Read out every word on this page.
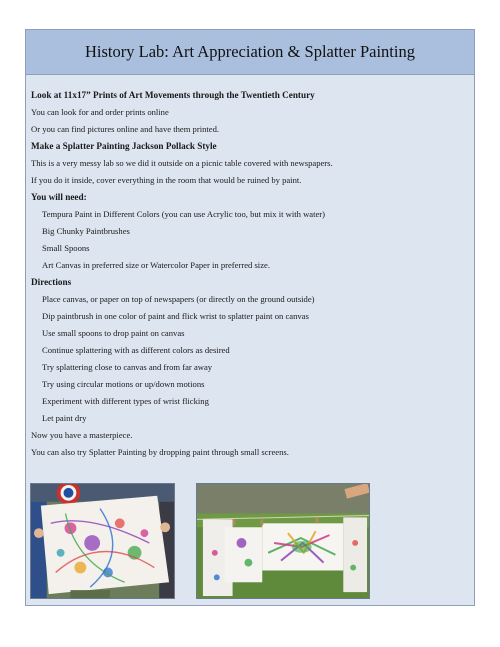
History Lab: Art Appreciation & Splatter Painting
Look at 11x17” Prints of Art Movements through the Twentieth Century
You can look for and order prints online
Or you can find pictures online and have them printed.
Make a Splatter Painting Jackson Pollack Style
This is a very messy lab so we did it outside on a picnic table covered with newspapers.
If you do it inside, cover everything in the room that would be ruined by paint.
You will need:
Tempura Paint in Different Colors (you can use Acrylic too, but mix it with water)
Big Chunky Paintbrushes
Small Spoons
Art Canvas in preferred size or Watercolor Paper in preferred size.
Directions
Place canvas, or paper on top of newspapers (or directly on the ground outside)
Dip paintbrush in one color of paint and flick wrist to splatter paint on canvas
Use small spoons to drop paint on canvas
Continue splattering with as different colors as desired
Try splattering close to canvas and from far away
Try using circular motions or up/down motions
Experiment with different types of wrist flicking
Let paint dry
Now you have a masterpiece.
You can also try Splatter Painting by dropping paint through small screens.
